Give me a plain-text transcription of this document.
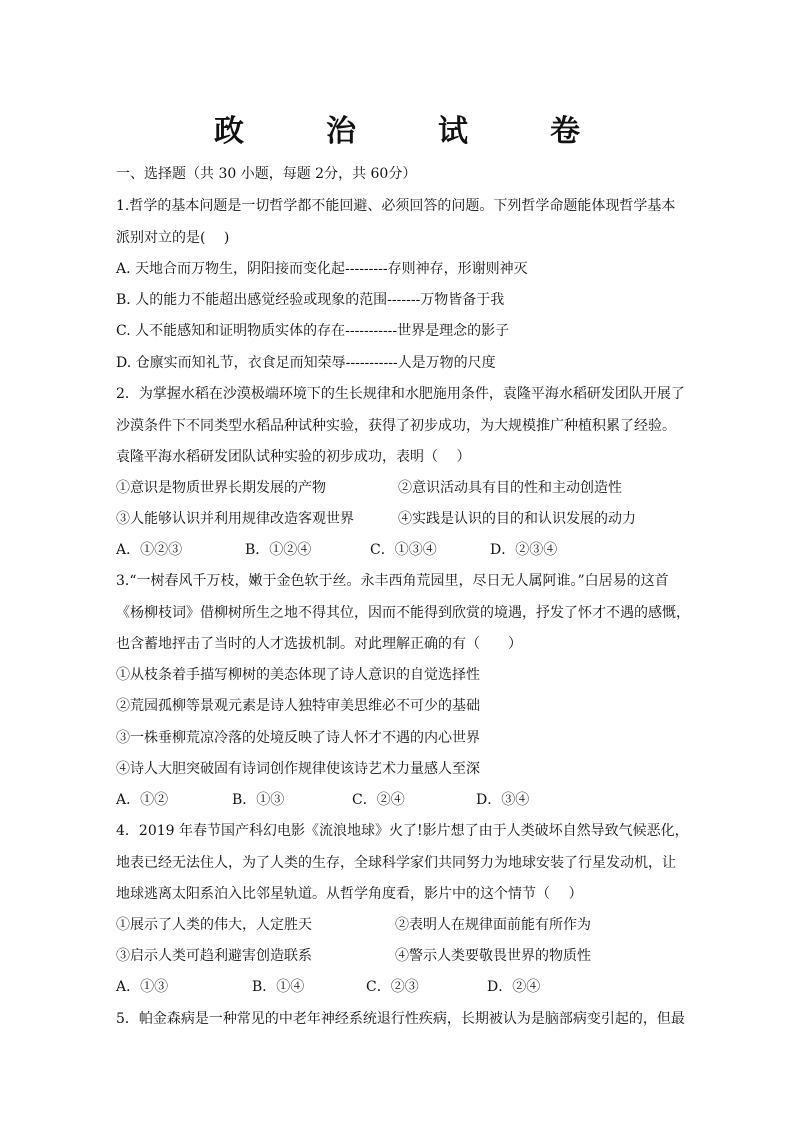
政　治　试　卷
一、选择题（共 30 小题，每题 2分，共 60分）
1.哲学的基本问题是一切哲学都不能回避、必须回答的问题。下列哲学命题能体现哲学基本
派别对立的是(　 )
A. 天地合而万物生，阴阳接而变化起---------存则神存，形谢则神灭
B. 人的能力不能超出感觉经验或现象的范围-------万物皆备于我
C. 人不能感知和证明物质实体的存在-----------世界是理念的影子
D. 仓廪实而知礼节，衣食足而知荣辱-----------人是万物的尺度
2．为掌握水稻在沙漠极端环境下的生长规律和水肥施用条件，袁隆平海水稻研发团队开展了
沙漠条件下不同类型水稻品种试种实验，获得了初步成功，为大规模推广种植积累了经验。
袁隆平海水稻研发团队试种实验的初步成功，表明（　 ）
①意识是物质世界长期发展的产物	②意识活动具有目的性和主动创造性
③人能够认识并利用规律改造客观世界	④实践是认识的目的和认识发展的动力
A．①②③	B．①②④	C．①③④	D．②③④
3.“一树春风千万枝，嫩于金色软于丝。永丰西角荒园里，尽日无人属阿谁。”白居易的这首
《杨柳枝词》借柳树所生之地不得其位，因而不能得到欣赏的境遇，抒发了怀才不遇的感慨，
也含蓄地抨击了当时的人才选拔机制。对此理解正确的有（　　）
①从枝条着手描写柳树的美态体现了诗人意识的自觉选择性
②荒园孤柳等景观元素是诗人独特审美思维必不可少的基础
③一株垂柳荒凉冷落的处境反映了诗人怀才不遇的内心世界
④诗人大胆突破固有诗词创作规律使该诗艺术力量感人至深
A．①②	B．①③	C．②④	D．③④
4．2019 年春节国产科幻电影《流浪地球》火了!影片想了由于人类破坏自然导致气候恶化，
地表已经无法住人，为了人类的生存，全球科学家们共同努力为地球安装了行星发动机，让
地球逃离太阳系泊入比邻星轨道。从哲学角度看，影片中的这个情节（　 ）
①展示了人类的伟大，人定胜天	②表明人在规律面前能有所作为
③启示人类可趋利避害创造联系	④警示人类要敬畏世界的物质性
A．①③	B．①④	C．②③	D．②④
5．帕金森病是一种常见的中老年神经系统退行性疾病，长期被认为是脑部病变引起的，但最
